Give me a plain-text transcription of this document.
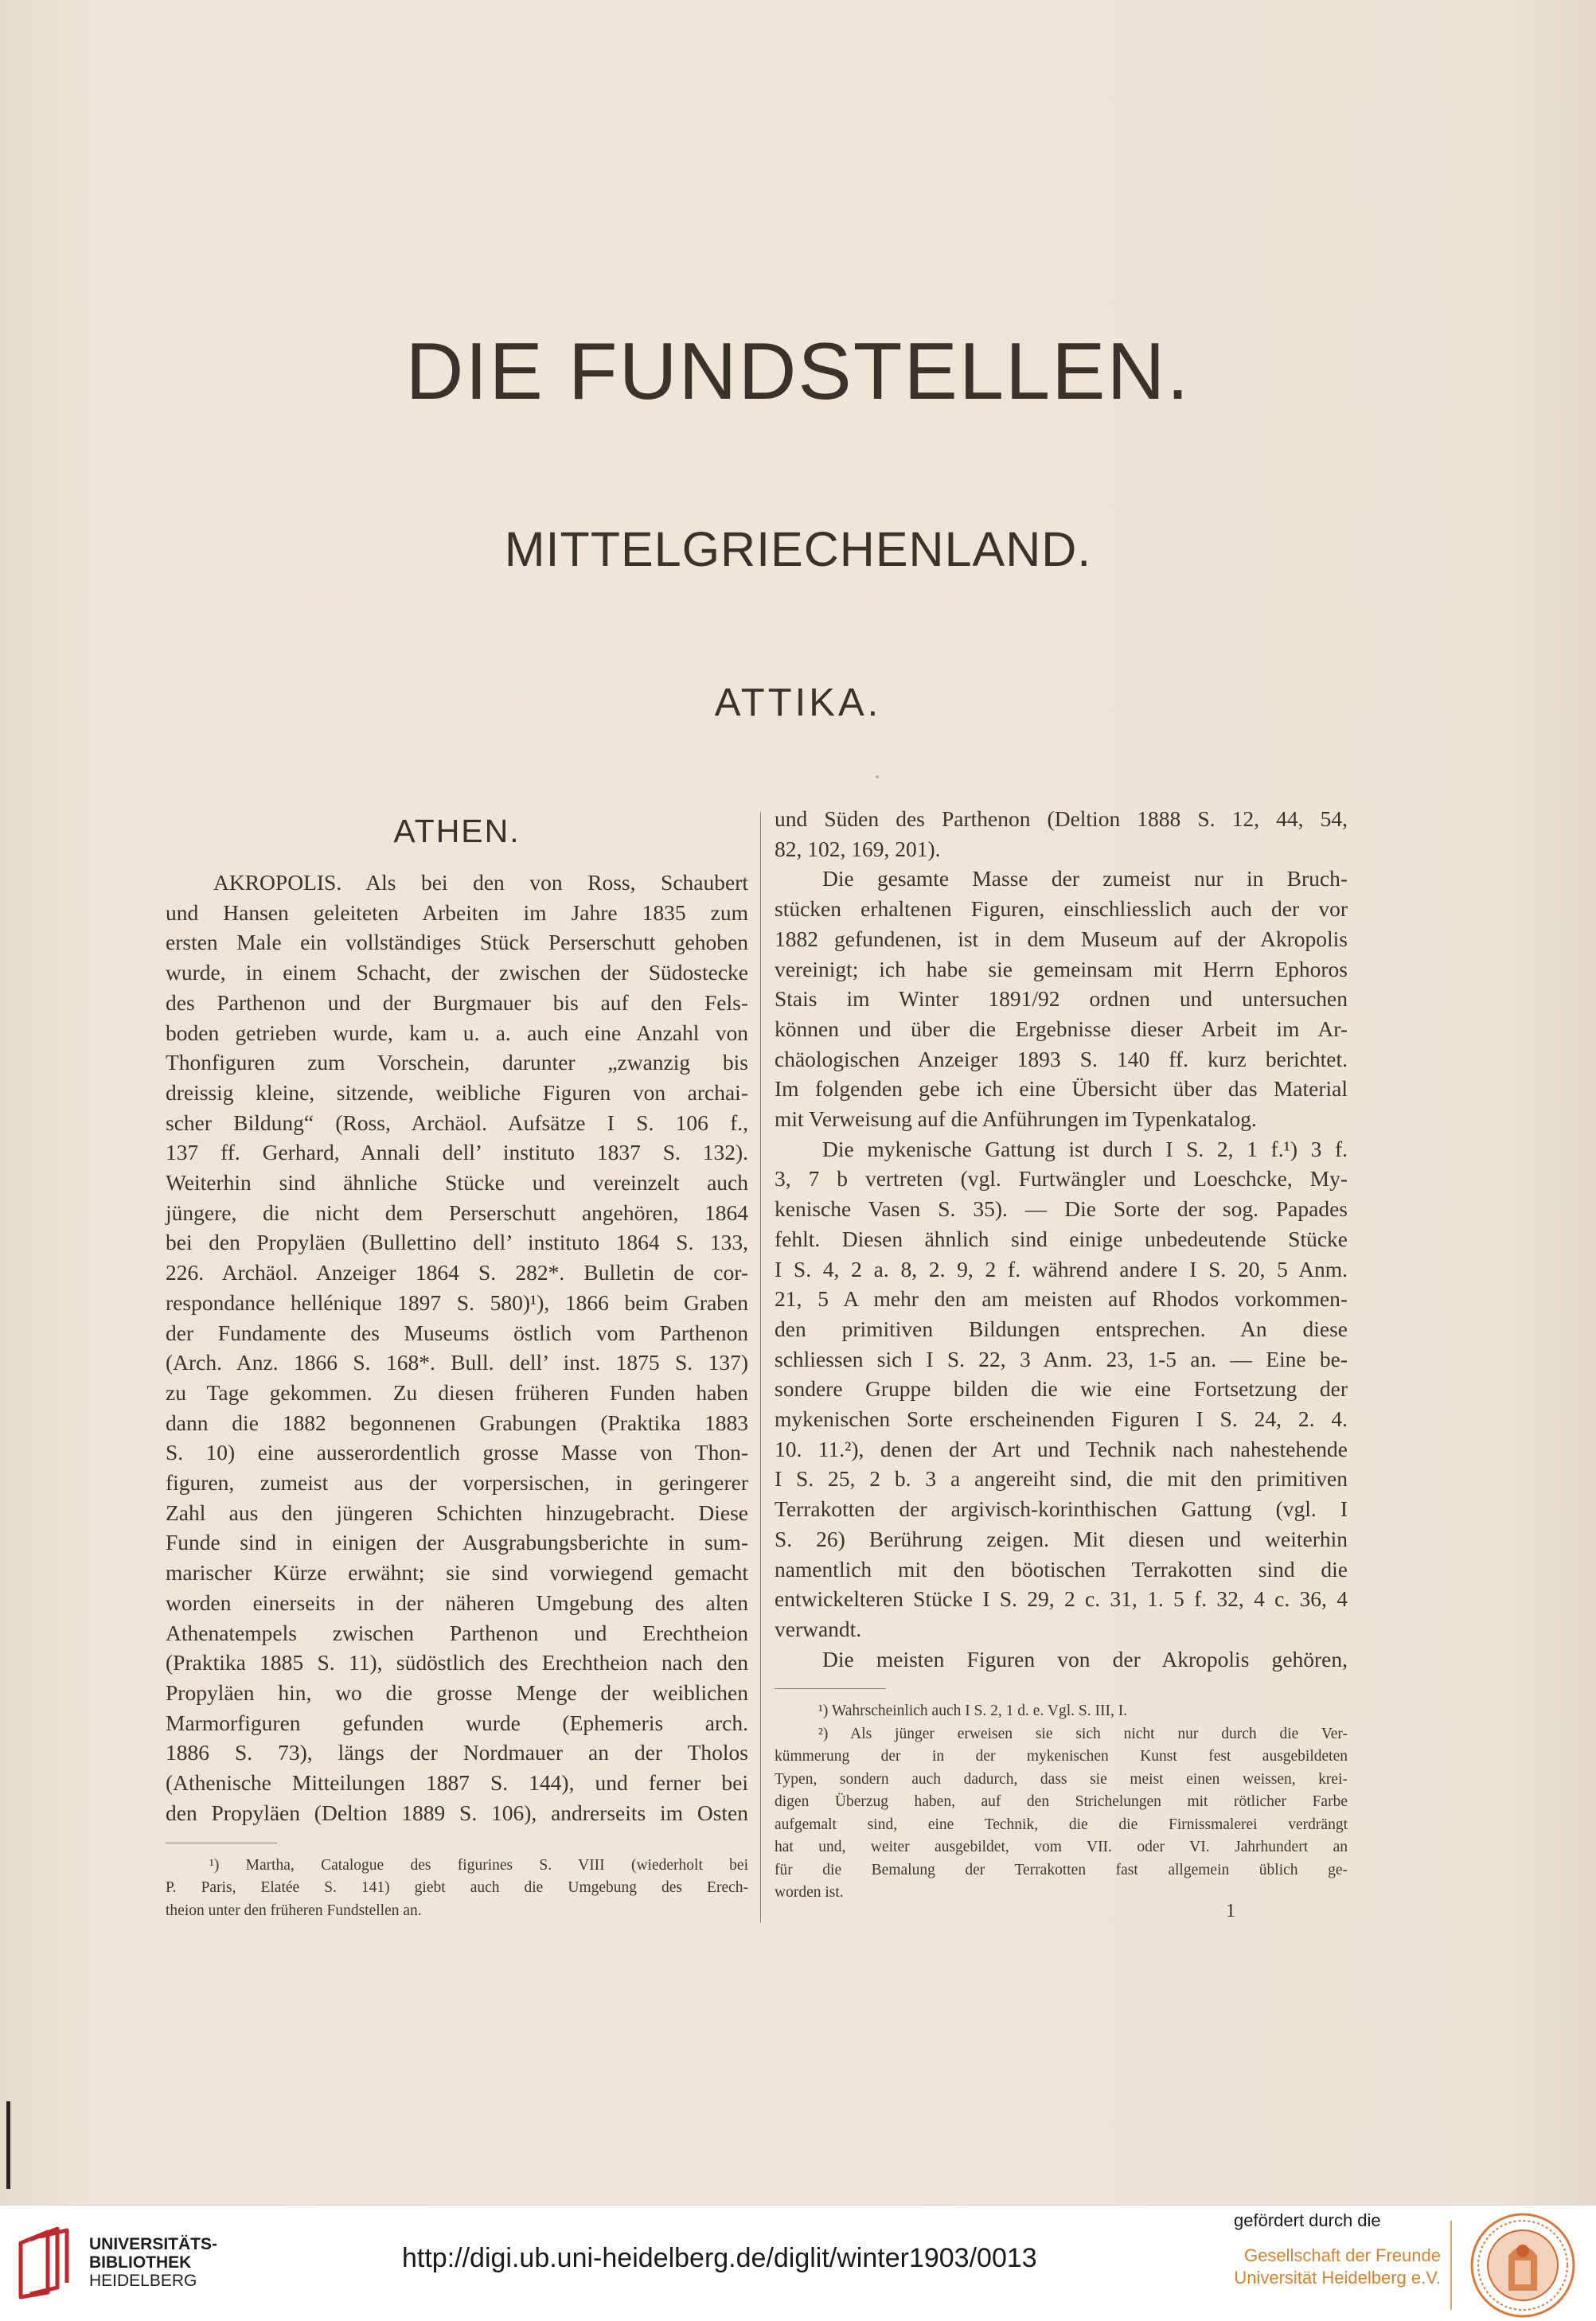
DIE FUNDSTELLEN.
MITTELGRIECHENLAND.
ATTIKA.
ATHEN.
AKROPOLIS. Als bei den von Ross, Schaubert
und Hansen geleiteten Arbeiten im Jahre 1835 zum
ersten Male ein vollständiges Stück Perserschutt gehoben
wurde, in einem Schacht, der zwischen der Südostecke
des Parthenon und der Burgmauer bis auf den Fels-
boden getrieben wurde, kam u. a. auch eine Anzahl von
Thonfiguren zum Vorschein, darunter „zwanzig bis
dreissig kleine, sitzende, weibliche Figuren von archai-
scher Bildung“ (Ross, Archäol. Aufsätze I S. 106 f.,
137 ff. Gerhard, Annali dell’ instituto 1837 S. 132).
Weiterhin sind ähnliche Stücke und vereinzelt auch
jüngere, die nicht dem Perserschutt angehören, 1864
bei den Propyläen (Bullettino dell’ instituto 1864 S. 133,
226. Archäol. Anzeiger 1864 S. 282*. Bulletin de cor-
respondance hellénique 1897 S. 580)¹), 1866 beim Graben
der Fundamente des Museums östlich vom Parthenon
(Arch. Anz. 1866 S. 168*. Bull. dell’ inst. 1875 S. 137)
zu Tage gekommen. Zu diesen früheren Funden haben
dann die 1882 begonnenen Grabungen (Praktika 1883
S. 10) eine ausserordentlich grosse Masse von Thon-
figuren, zumeist aus der vorpersischen, in geringerer
Zahl aus den jüngeren Schichten hinzugebracht. Diese
Funde sind in einigen der Ausgrabungsberichte in sum-
marischer Kürze erwähnt; sie sind vorwiegend gemacht
worden einerseits in der näheren Umgebung des alten
Athenatempels zwischen Parthenon und Erechtheion
(Praktika 1885 S. 11), südöstlich des Erechtheion nach den
Propyläen hin, wo die grosse Menge der weiblichen
Marmorfiguren gefunden wurde (Ephemeris arch.
1886 S. 73), längs der Nordmauer an der Tholos
(Athenische Mitteilungen 1887 S. 144), und ferner bei
den Propyläen (Deltion 1889 S. 106), andrerseits im Osten
¹) Martha, Catalogue des figurines S. VIII (wiederholt bei
P. Paris, Elatée S. 141) giebt auch die Umgebung des Erech-
theion unter den früheren Fundstellen an.
und Süden des Parthenon (Deltion 1888 S. 12, 44, 54,
82, 102, 169, 201).
Die gesamte Masse der zumeist nur in Bruch-
stücken erhaltenen Figuren, einschliesslich auch der vor
1882 gefundenen, ist in dem Museum auf der Akropolis
vereinigt; ich habe sie gemeinsam mit Herrn Ephoros
Stais im Winter 1891/92 ordnen und untersuchen
können und über die Ergebnisse dieser Arbeit im Ar-
chäologischen Anzeiger 1893 S. 140 ff. kurz berichtet.
Im folgenden gebe ich eine Übersicht über das Material
mit Verweisung auf die Anführungen im Typenkatalog.
Die mykenische Gattung ist durch I S. 2, 1 f.¹) 3 f.
3, 7 b vertreten (vgl. Furtwängler und Loeschcke, My-
kenische Vasen S. 35). — Die Sorte der sog. Papades
fehlt. Diesen ähnlich sind einige unbedeutende Stücke
I S. 4, 2 a. 8, 2. 9, 2 f. während andere I S. 20, 5 Anm.
21, 5 A mehr den am meisten auf Rhodos vorkommen-
den primitiven Bildungen entsprechen. An diese
schliessen sich I S. 22, 3 Anm. 23, 1-5 an. — Eine be-
sondere Gruppe bilden die wie eine Fortsetzung der
mykenischen Sorte erscheinenden Figuren I S. 24, 2. 4.
10. 11.²), denen der Art und Technik nach nahestehende
I S. 25, 2 b. 3 a angereiht sind, die mit den primitiven
Terrakotten der argivisch-korinthischen Gattung (vgl. I
S. 26) Berührung zeigen. Mit diesen und weiterhin
namentlich mit den böotischen Terrakotten sind die
entwickelteren Stücke I S. 29, 2 c. 31, 1. 5 f. 32, 4 c. 36, 4
verwandt.
Die meisten Figuren von der Akropolis gehören,
¹) Wahrscheinlich auch I S. 2, 1 d. e. Vgl. S. III, I.
²) Als jünger erweisen sie sich nicht nur durch die Ver-
kümmerung der in der mykenischen Kunst fest ausgebildeten
Typen, sondern auch dadurch, dass sie meist einen weissen, krei-
digen Überzug haben, auf den Strichelungen mit rötlicher Farbe
aufgemalt sind, eine Technik, die die Firnissmalerei verdrängt
hat und, weiter ausgebildet, vom VII. oder VI. Jahrhundert an
für die Bemalung der Terrakotten fast allgemein üblich ge-
worden ist.
1
UNIVERSITÄTS-
BIBLIOTHEK
HEIDELBERG
http://digi.ub.uni-heidelberg.de/diglit/winter1903/0013
gefördert durch die
Gesellschaft der Freunde
Universität Heidelberg e.V.
